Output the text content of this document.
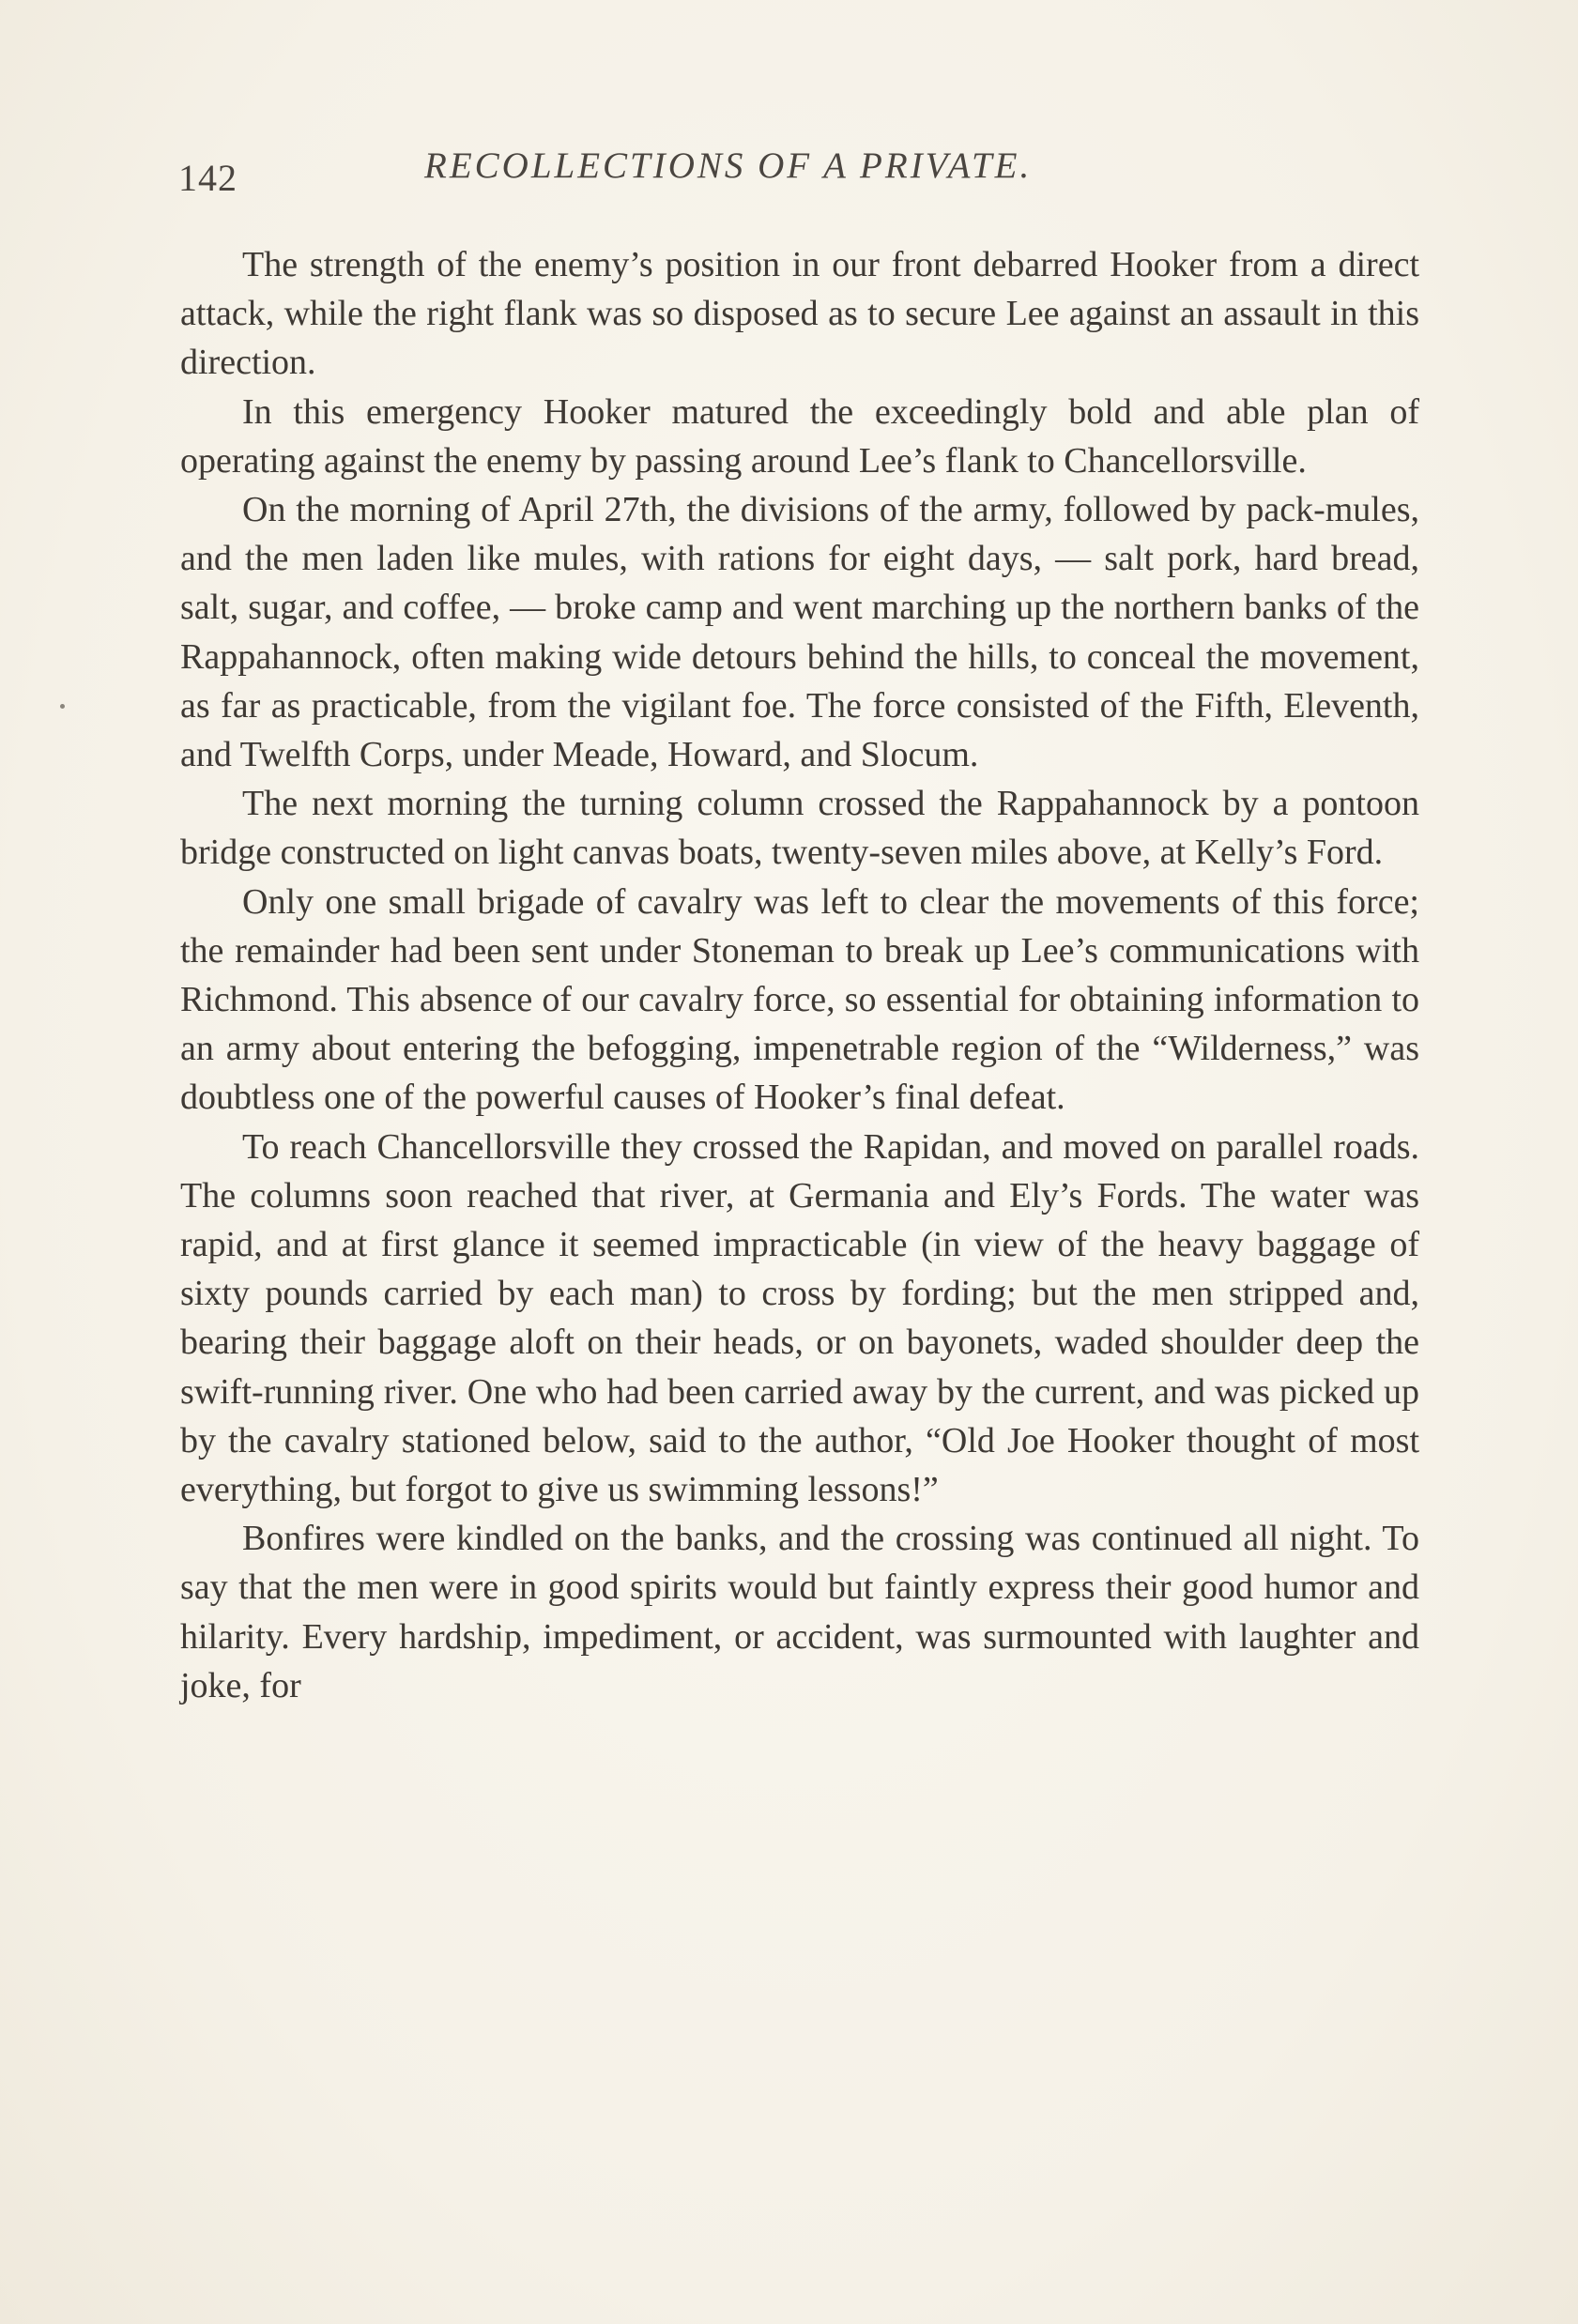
142	RECOLLECTIONS OF A PRIVATE.

The strength of the enemy’s position in our front debarred Hooker from a direct attack, while the right flank was so disposed as to secure Lee against an assault in this direction.

In this emergency Hooker matured the exceedingly bold and able plan of operating against the enemy by passing around Lee’s flank to Chancellorsville.

On the morning of April 27th, the divisions of the army, followed by pack-mules, and the men laden like mules, with rations for eight days, — salt pork, hard bread, salt, sugar, and coffee, — broke camp and went marching up the northern banks of the Rappahannock, often making wide detours behind the hills, to conceal the movement, as far as practicable, from the vigilant foe. The force consisted of the Fifth, Eleventh, and Twelfth Corps, under Meade, Howard, and Slocum.

The next morning the turning column crossed the Rappahannock by a pontoon bridge constructed on light canvas boats, twenty-seven miles above, at Kelly’s Ford.

Only one small brigade of cavalry was left to clear the movements of this force; the remainder had been sent under Stoneman to break up Lee’s communications with Richmond. This absence of our cavalry force, so essential for obtaining information to an army about entering the befogging, impenetrable region of the “Wilderness,” was doubtless one of the powerful causes of Hooker’s final defeat.

To reach Chancellorsville they crossed the Rapidan, and moved on parallel roads. The columns soon reached that river, at Germania and Ely’s Fords. The water was rapid, and at first glance it seemed impracticable (in view of the heavy baggage of sixty pounds carried by each man) to cross by fording; but the men stripped and, bearing their baggage aloft on their heads, or on bayonets, waded shoulder deep the swift-running river. One who had been carried away by the current, and was picked up by the cavalry stationed below, said to the author, “Old Joe Hooker thought of most everything, but forgot to give us swimming lessons!”

Bonfires were kindled on the banks, and the crossing was continued all night. To say that the men were in good spirits would but faintly express their good humor and hilarity. Every hardship, impediment, or accident, was surmounted with laughter and joke, for
